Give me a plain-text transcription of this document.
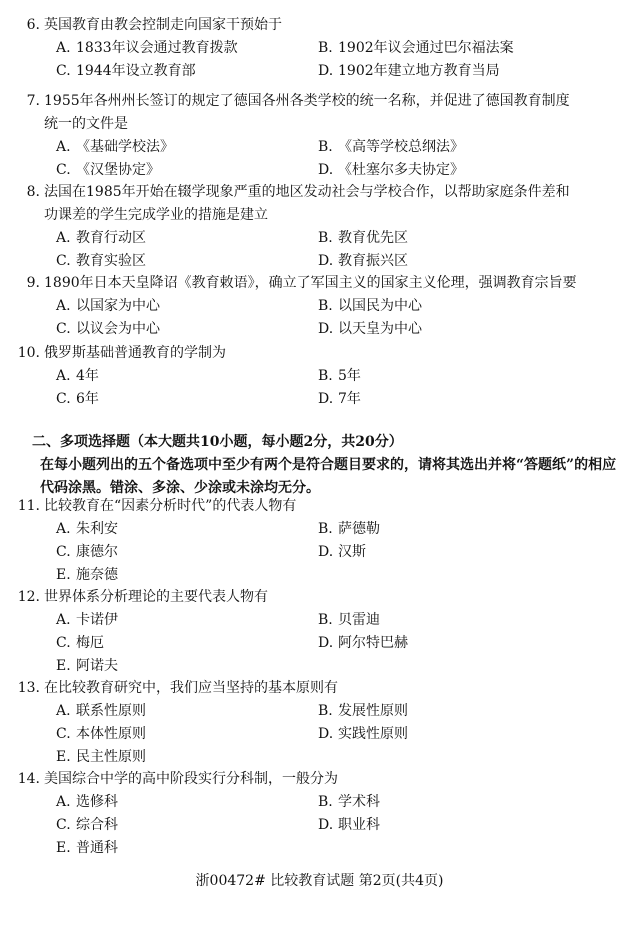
6. 英国教育由教会控制走向国家干预始于
A. 1833年议会通过教育拨款	B. 1902年议会通过巴尔福法案
C. 1944年设立教育部	D. 1902年建立地方教育当局
7. 1955年各州州长签订的规定了德国各州各类学校的统一名称，并促进了德国教育制度
统一的文件是
A. 《基础学校法》	B. 《高等学校总纲法》
C. 《汉堡协定》	D. 《杜塞尔多夫协定》
8. 法国在1985年开始在辍学现象严重的地区发动社会与学校合作，以帮助家庭条件差和
功课差的学生完成学业的措施是建立
A. 教育行动区	B. 教育优先区
C. 教育实验区	D. 教育振兴区
9. 1890年日本天皇降诏《教育敕语》，确立了军国主义的国家主义伦理，强调教育宗旨要
A. 以国家为中心	B. 以国民为中心
C. 以议会为中心	D. 以天皇为中心
10. 俄罗斯基础普通教育的学制为
A. 4年	B. 5年
C. 6年	D. 7年
二、多项选择题（本大题共10小题，每小题2分，共20分）
在每小题列出的五个备选项中至少有两个是符合题目要求的，请将其选出并将“答题纸”的相应代码涂黑。错涂、多涂、少涂或未涂均无分。
11. 比较教育在“因素分析时代”的代表人物有
A. 朱利安	B. 萨德勒
C. 康德尔	D. 汉斯
E. 施奈德
12. 世界体系分析理论的主要代表人物有
A. 卡诺伊	B. 贝雷迪
C. 梅厄	D. 阿尔特巴赫
E. 阿诺夫
13. 在比较教育研究中，我们应当坚持的基本原则有
A. 联系性原则	B. 发展性原则
C. 本体性原则	D. 实践性原则
E. 民主性原则
14. 美国综合中学的高中阶段实行分科制，一般分为
A. 选修科	B. 学术科
C. 综合科	D. 职业科
E. 普通科
浙00472# 比较教育试题 第2页(共4页)
